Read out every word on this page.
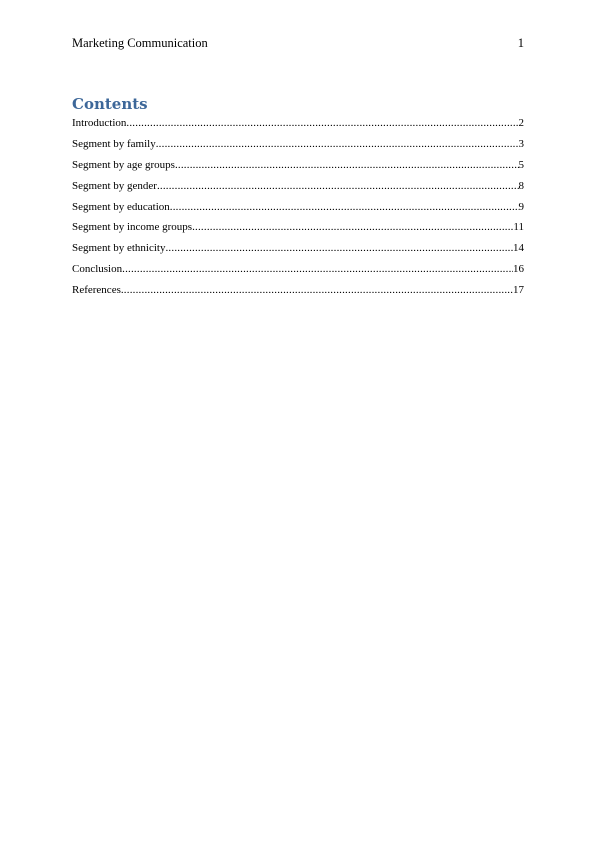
Marketing Communication	1
Contents
Introduction .....	2
Segment by family .....	3
Segment by age groups .....	5
Segment by gender .....	8
Segment by education .....	9
Segment by income groups .....	11
Segment by ethnicity .....	14
Conclusion .....	16
References .....	17
